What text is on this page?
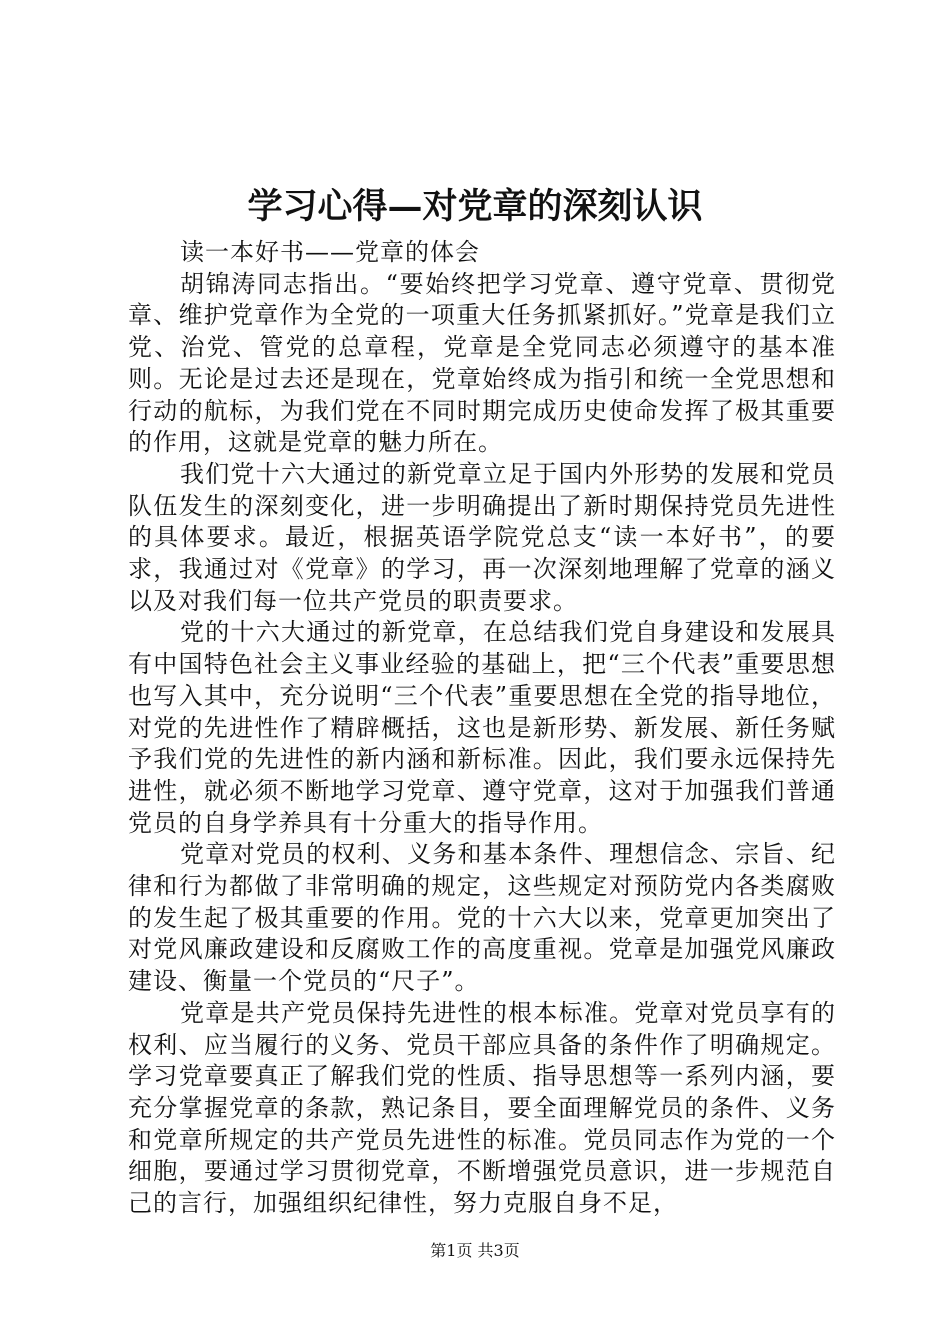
学习心得—对党章的深刻认识

读一本好书——党章的体会

胡锦涛同志指出。“要始终把学习党章、遵守党章、贯彻党章、维护党章作为全党的一项重大任务抓紧抓好。”党章是我们立党、治党、管党的总章程，党章是全党同志必须遵守的基本准则。无论是过去还是现在，党章始终成为指引和统一全党思想和行动的航标，为我们党在不同时期完成历史使命发挥了极其重要的作用，这就是党章的魅力所在。

我们党十六大通过的新党章立足于国内外形势的发展和党员队伍发生的深刻变化，进一步明确提出了新时期保持党员先进性的具体要求。最近，根据英语学院党总支“读一本好书”，的要求，我通过对《党章》的学习，再一次深刻地理解了党章的涵义以及对我们每一位共产党员的职责要求。

党的十六大通过的新党章，在总结我们党自身建设和发展具有中国特色社会主义事业经验的基础上，把“三个代表”重要思想也写入其中，充分说明“三个代表”重要思想在全党的指导地位，对党的先进性作了精辟概括，这也是新形势、新发展、新任务赋予我们党的先进性的新内涵和新标准。因此，我们要永远保持先进性，就必须不断地学习党章、遵守党章，这对于加强我们普通党员的自身学养具有十分重大的指导作用。

党章对党员的权利、义务和基本条件、理想信念、宗旨、纪律和行为都做了非常明确的规定，这些规定对预防党内各类腐败的发生起了极其重要的作用。党的十六大以来，党章更加突出了对党风廉政建设和反腐败工作的高度重视。党章是加强党风廉政建设、衡量一个党员的“尺子”。

党章是共产党员保持先进性的根本标准。党章对党员享有的权利、应当履行的义务、党员干部应具备的条件作了明确规定。学习党章要真正了解我们党的性质、指导思想等一系列内涵，要充分掌握党章的条款，熟记条目，要全面理解党员的条件、义务和党章所规定的共产党员先进性的标准。党员同志作为党的一个细胞，要通过学习贯彻党章，不断增强党员意识，进一步规范自己的言行，加强组织纪律性，努力克服自身不足，

第1页 共3页
